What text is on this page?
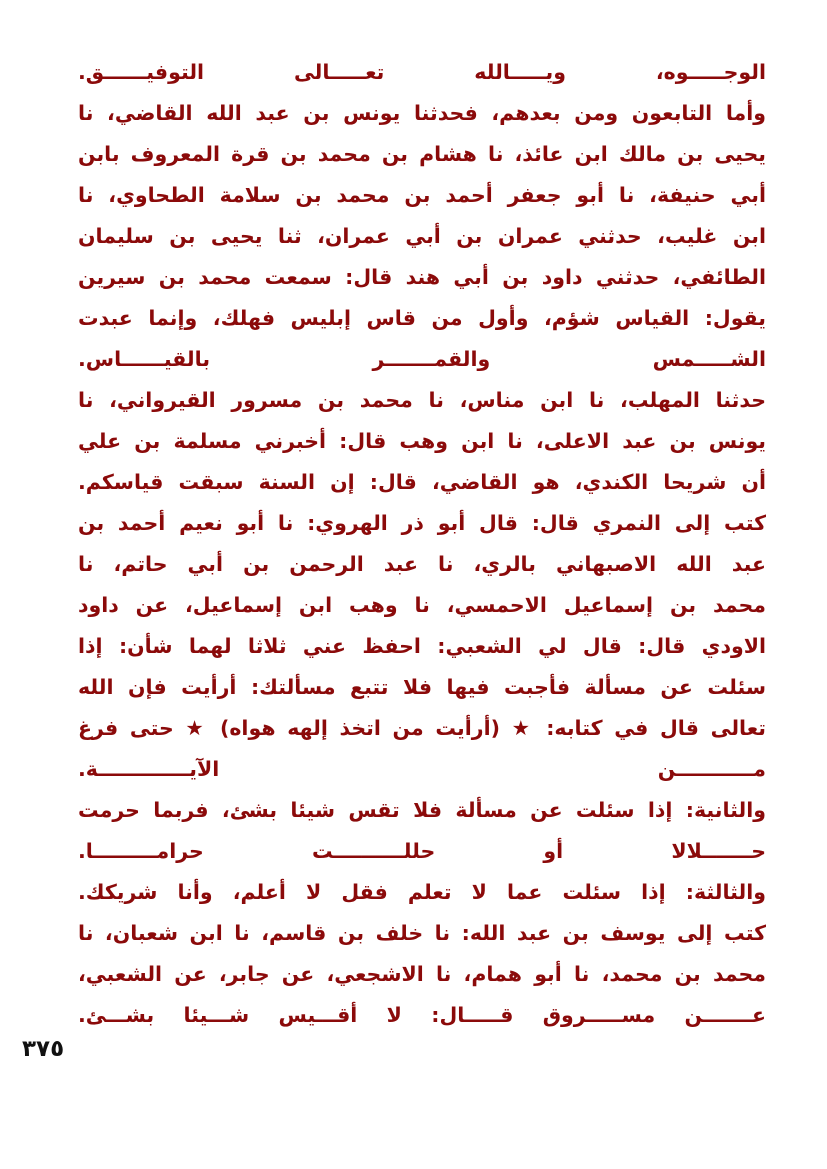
الوجـــــوه، ويـــــالله تعـــــالى التوفيــــــق.
وأما التابعون ومن بعدهم، فحدثنا يونس بن عبد الله القاضي، نا
يحيى بن مالك ابن عائذ، نا هشام بن محمد بن قرة المعروف بابن
أبي حنيفة، نا أبو جعفر أحمد بن محمد بن سلامة الطحاوي، نا
ابن غليب، حدثني عمران بن أبي عمران، ثنا يحيى بن سليمان
الطائفي، حدثني داود بن أبي هند قال: سمعت محمد بن سيرين
يقول: القياس شؤم، وأول من قاس إبليس فهلك، وإنما عبدت
الشـــــمس والقمـــــــر بالقيــــــاس.
حدثنا المهلب، نا ابن مناس، نا محمد بن مسرور القيرواني، نا
يونس بن عبد الاعلى، نا ابن وهب قال: أخبرني مسلمة بن علي
أن شريحا الكندي، هو القاضي، قال: إن السنة سبقت قياسكم.
كتب إلى النمري قال: قال أبو ذر الهروي: نا أبو نعيم أحمد بن
عبد الله الاصبهاني بالري، نا عبد الرحمن بن أبي حاتم، نا
محمد بن إسماعيل الاحمسي، نا وهب ابن إسماعيل، عن داود
الاودي قال: قال لي الشعبي: احفظ عني ثلاثا لهما شأن: إذا
سئلت عن مسألة فأجبت فيها فلا تتبع مسألتك: أرأيت فإن الله
تعالى قال في كتابه: ★ (أرأيت من اتخذ إلهه هواه) ★ حتى فرغ
مـــــــــــن الآيـــــــــــــة.
والثانية: إذا سئلت عن مسألة فلا تقس شيئا بشئ، فربما حرمت
حـــــــلالا أو حللــــــــــت حرامـــــــــا.
والثالثة: إذا سئلت عما لا تعلم فقل لا أعلم، وأنا شريكك.
كتب إلى يوسف بن عبد الله: نا خلف بن قاسم، نا ابن شعبان، نا
محمد بن محمد، نا أبو همام، نا الاشجعي، عن جابر، عن الشعبي،
عـــــــن مســـــروق قـــــال: لا أقـــيس شـــيئا بشـــئ.
٣٧٥
